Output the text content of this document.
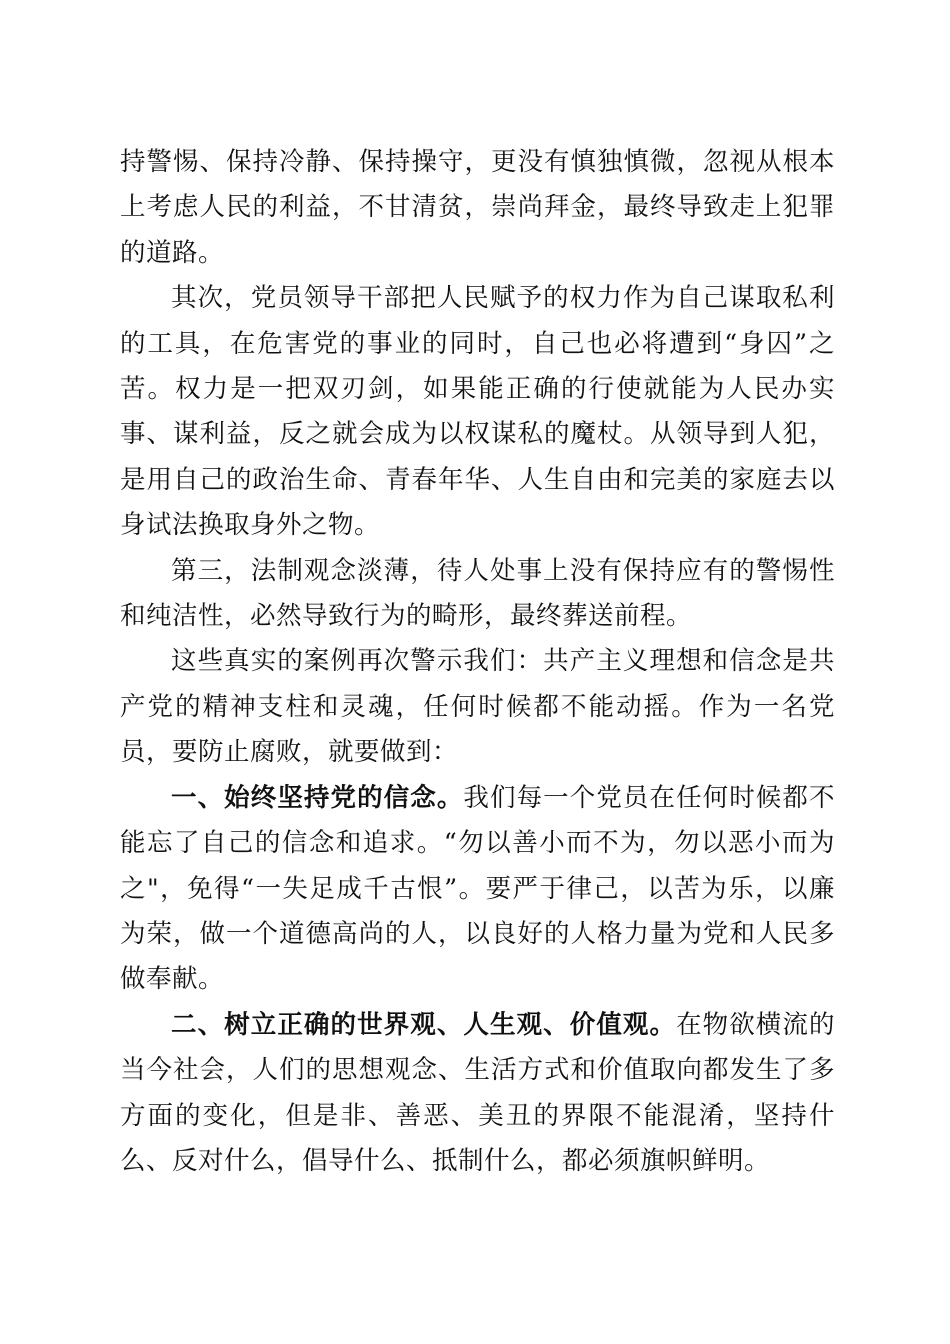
持警惕、保持冷静、保持操守，更没有慎独慎微，忽视从根本上考虑人民的利益，不甘清贫，崇尚拜金，最终导致走上犯罪的道路。

其次，党员领导干部把人民赋予的权力作为自己谋取私利的工具，在危害党的事业的同时，自己也必将遭到“身囚”之苦。权力是一把双刃剑，如果能正确的行使就能为人民办实事、谋利益，反之就会成为以权谋私的魔杖。从领导到人犯，是用自己的政治生命、青春年华、人生自由和完美的家庭去以身试法换取身外之物。

第三，法制观念淡薄，待人处事上没有保持应有的警惕性和纯洁性，必然导致行为的畸形，最终葬送前程。

这些真实的案例再次警示我们：共产主义理想和信念是共产党的精神支柱和灵魂，任何时候都不能动摇。作为一名党员，要防止腐败，就要做到：

一、始终坚持党的信念。我们每一个党员在任何时候都不能忘了自己的信念和追求。“勿以善小而不为，勿以恶小而为之"，免得“一失足成千古恨”。要严于律己，以苦为乐，以廉为荣，做一个道德高尚的人，以良好的人格力量为党和人民多做奉献。

二、树立正确的世界观、人生观、价值观。在物欲横流的当今社会，人们的思想观念、生活方式和价值取向都发生了多方面的变化，但是非、善恶、美丑的界限不能混淆，坚持什么、反对什么，倡导什么、抵制什么，都必须旗帜鲜明。
